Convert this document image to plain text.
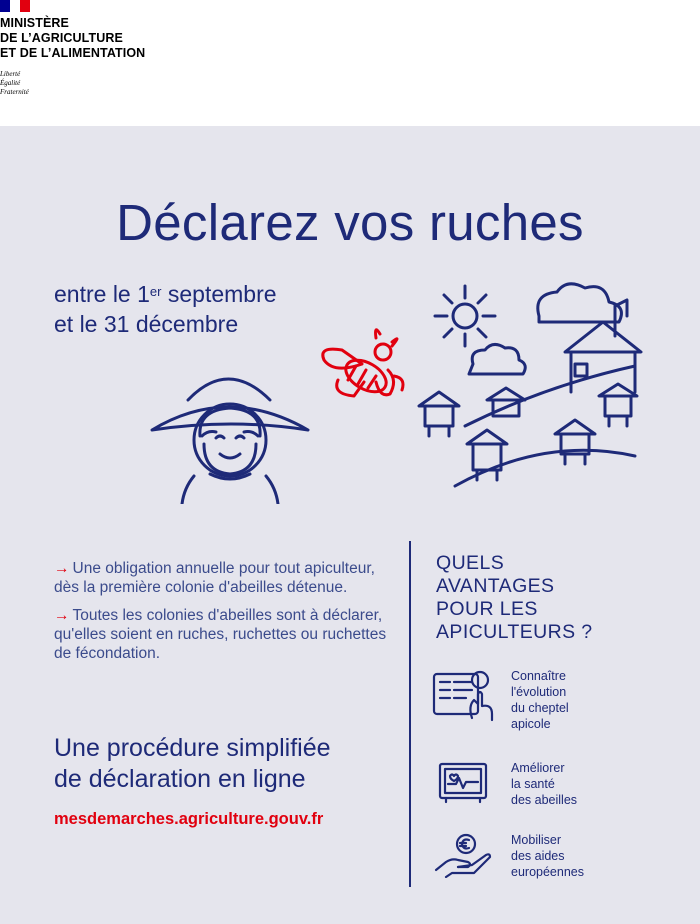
MINISTÈRE
DE L’AGRICULTURE
ET DE L’ALIMENTATION
Liberté
Égalité
Fraternité
Déclarez vos ruches
entre le 1er septembre
et le 31 décembre
→ Une obligation annuelle pour tout apiculteur, dès la première colonie d'abeilles détenue.
→ Toutes les colonies d'abeilles sont à déclarer, qu'elles soient en ruches, ruchettes ou ruchettes de fécondation.
Une procédure simplifiée
de déclaration en ligne
mesdemarches.agriculture.gouv.fr
QUELS
AVANTAGES
POUR LES
APICULTEURS ?
Connaître
l'évolution
du cheptel
apicole
Améliorer
la santé
des abeilles
Mobiliser
des aides
européennes
